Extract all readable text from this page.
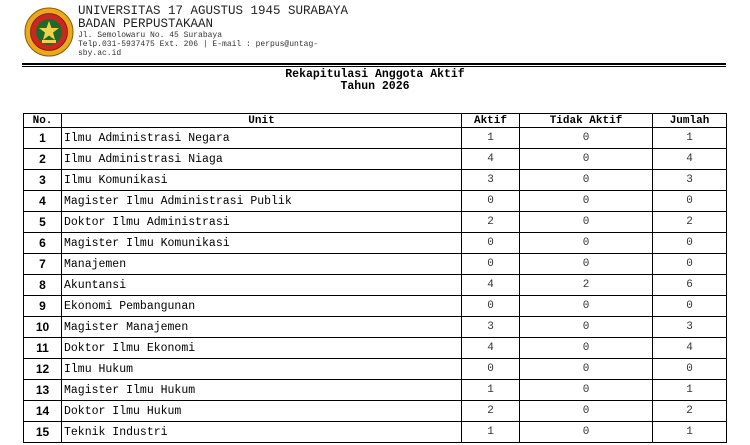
UNIVERSITAS 17 AGUSTUS 1945 SURABAYA
BADAN PERPUSTAKAAN
Jl. Semolowaru No. 45 Surabaya
Telp.031-5937475 Ext. 206 | E-mail : perpus@untag-
sby.ac.id
Rekapitulasi Anggota Aktif
Tahun 2026
No.	Unit	Aktif	Tidak Aktif	Jumlah
1	Ilmu Administrasi Negara	1	0	1
2	Ilmu Administrasi Niaga	4	0	4
3	Ilmu Komunikasi	3	0	3
4	Magister Ilmu Administrasi Publik	0	0	0
5	Doktor Ilmu Administrasi	2	0	2
6	Magister Ilmu Komunikasi	0	0	0
7	Manajemen	0	0	0
8	Akuntansi	4	2	6
9	Ekonomi Pembangunan	0	0	0
10	Magister Manajemen	3	0	3
11	Doktor Ilmu Ekonomi	4	0	4
12	Ilmu Hukum	0	0	0
13	Magister Ilmu Hukum	1	0	1
14	Doktor Ilmu Hukum	2	0	2
15	Teknik Industri	1	0	1
